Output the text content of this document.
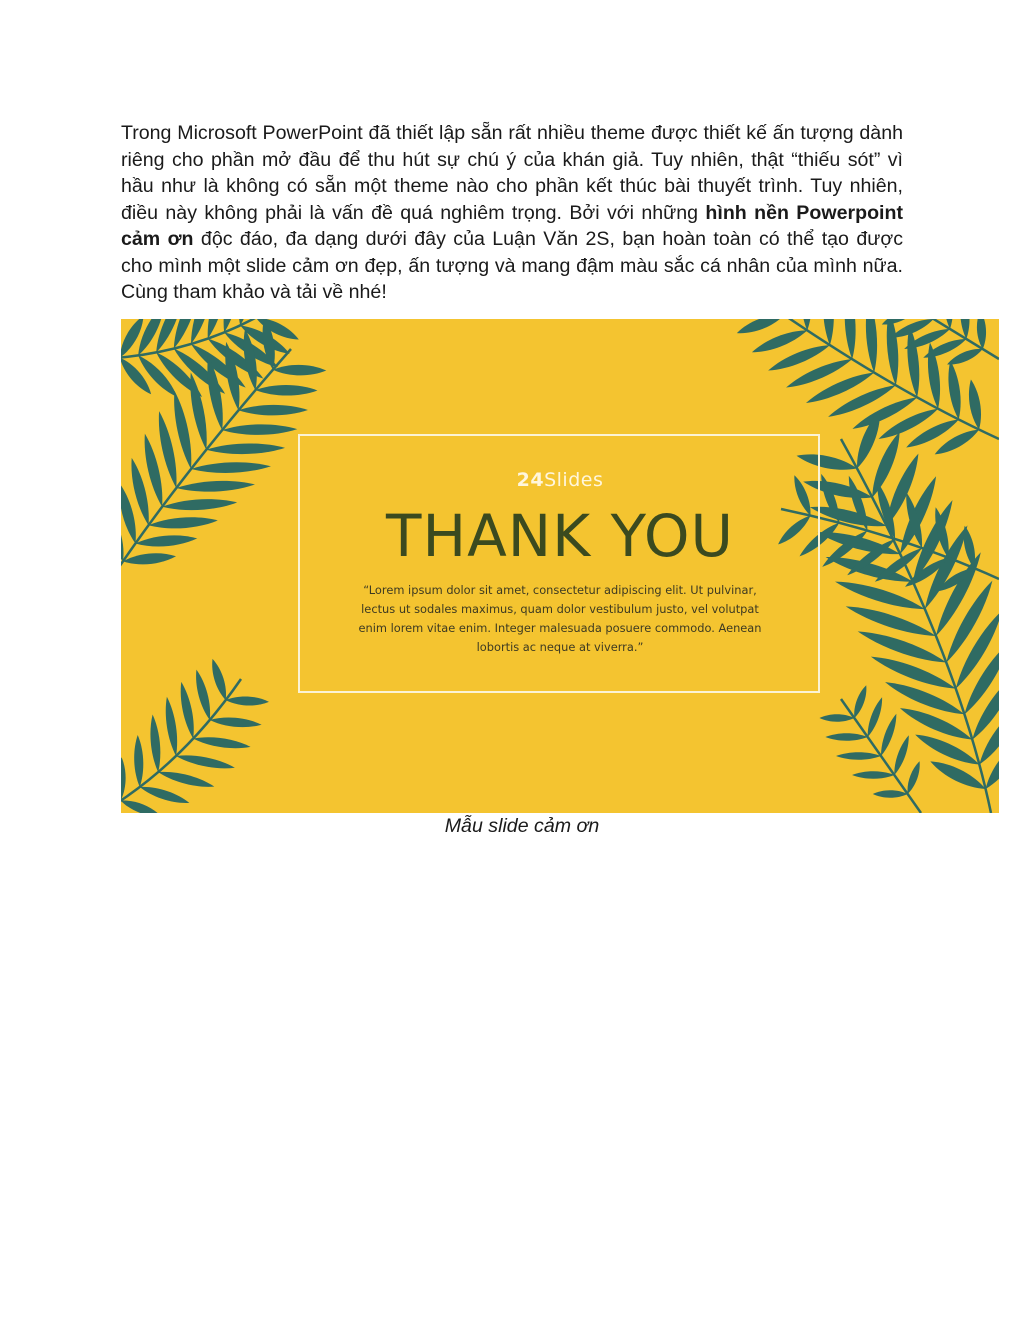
Trong Microsoft PowerPoint đã thiết lập sẵn rất nhiều theme được thiết kế ấn tượng dành riêng cho phần mở đầu để thu hút sự chú ý của khán giả. Tuy nhiên, thật “thiếu sót” vì hầu như là không có sẵn một theme nào cho phần kết thúc bài thuyết trình. Tuy nhiên, điều này không phải là vấn đề quá nghiêm trọng. Bởi với những hình nền Powerpoint cảm ơn độc đáo, đa dạng dưới đây của Luận Văn 2S, bạn hoàn toàn có thể tạo được cho mình một slide cảm ơn đẹp, ấn tượng và mang đậm màu sắc cá nhân của mình nữa. Cùng tham khảo và tải về nhé!

24Slides
THANK YOU

“Lorem ipsum dolor sit amet, consectetur adipiscing elit. Ut pulvinar, lectus ut sodales maximus, quam dolor vestibulum justo, vel volutpat enim lorem vitae enim. Integer malesuada posuere commodo. Aenean lobortis ac neque at viverra.”

Mẫu slide cảm ơn
